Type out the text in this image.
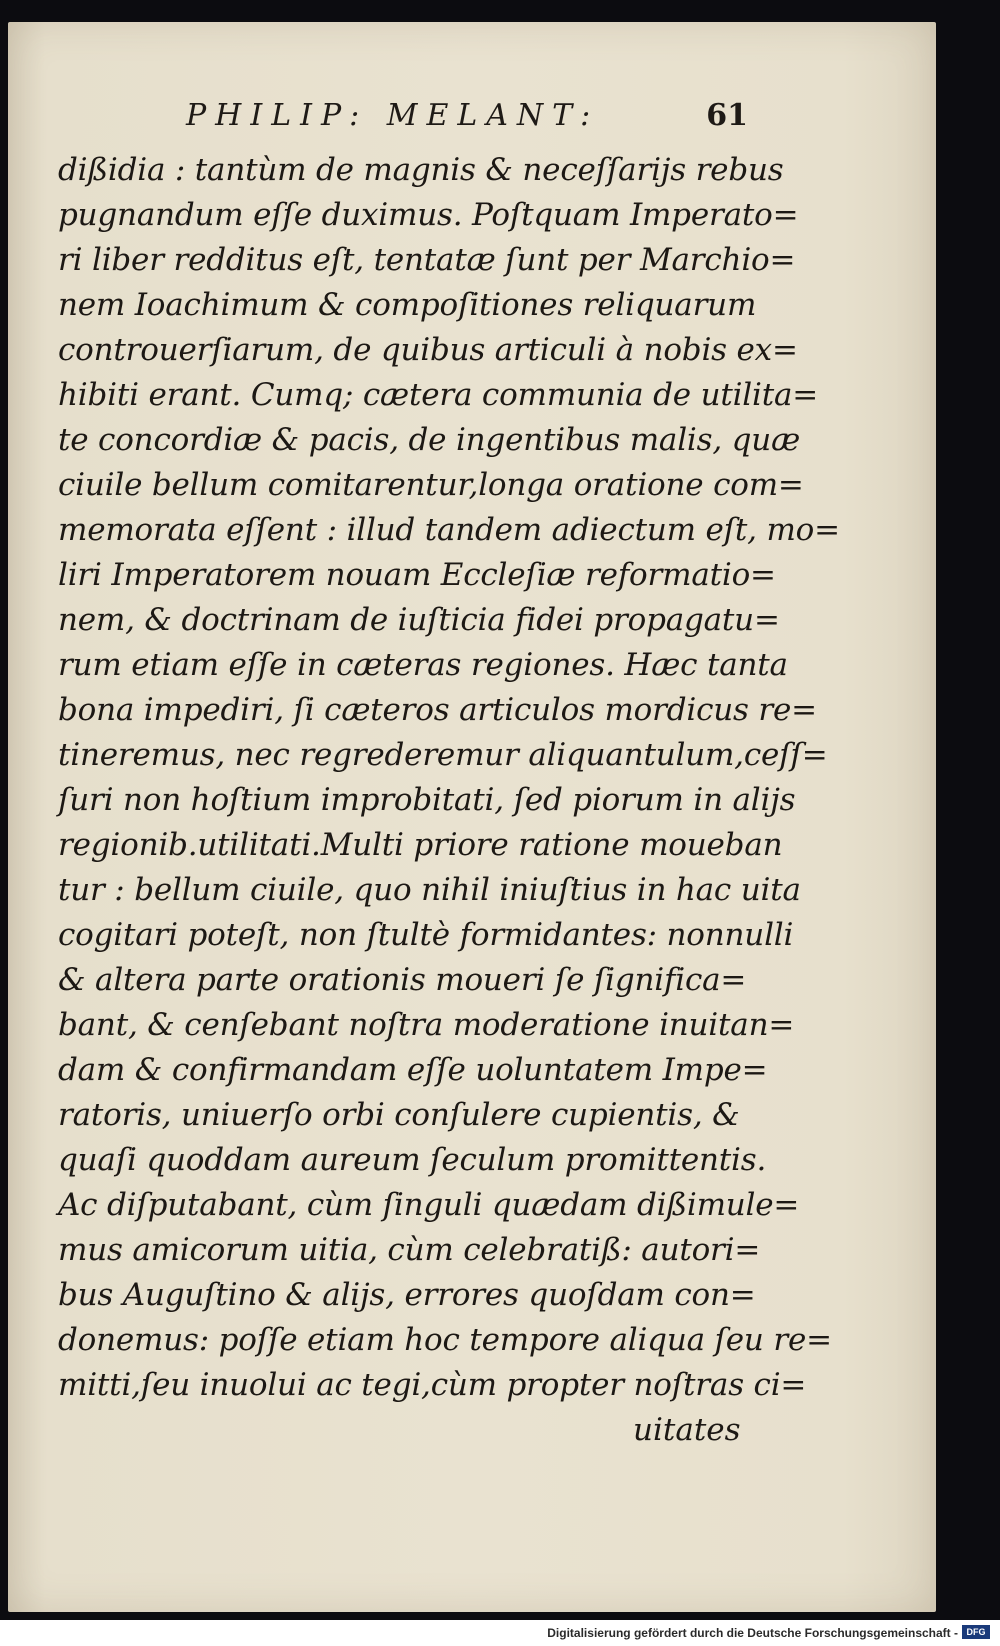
PHILIP: MELANT:	61
dißidia : tantùm de magnis & neceſſarijs rebus
pugnandum eſſe duximus. Poſtquam Imperato=
ri liber redditus eſt, tentatæ ſunt per Marchio=
nem Ioachimum & compoſitiones reliquarum
controuerſiarum, de quibus articuli à nobis ex=
hibiti erant. Cumq; cætera communia de utilita=
te concordiæ & pacis, de ingentibus malis, quæ
ciuile bellum comitarentur,longa oratione com=
memorata eſſent : illud tandem adiectum eſt, mo=
liri Imperatorem nouam Eccleſiæ reformatio=
nem, & doctrinam de iuſticia fidei propagatu=
rum etiam eſſe in cæteras regiones. Hæc tanta
bona impediri, ſi cæteros articulos mordicus re=
tineremus, nec regrederemur aliquantulum,ceſſ=
ſuri non hoſtium improbitati, ſed piorum in alijs
regionib.utilitati.Multi priore ratione moueban
tur : bellum ciuile, quo nihil iniuſtius in hac uita
cogitari poteſt, non ſtultè formidantes: nonnulli
& altera parte orationis moueri ſe ſignifica=
bant, & cenſebant noſtra moderatione inuitan=
dam & confirmandam eſſe uoluntatem Impe=
ratoris, uniuerſo orbi conſulere cupientis, &
quaſi quoddam aureum ſeculum promittentis.
Ac diſputabant, cùm ſinguli quædam dißimule=
mus amicorum uitia, cùm celebratiß: autori=
bus Auguſtino & alijs, errores quoſdam con=
donemus: poſſe etiam hoc tempore aliqua ſeu re=
mitti,ſeu inuolui ac tegi,cùm propter noſtras ci=
uitates
Digitalisierung gefördert durch die Deutsche Forschungsgemeinschaft - DFG
